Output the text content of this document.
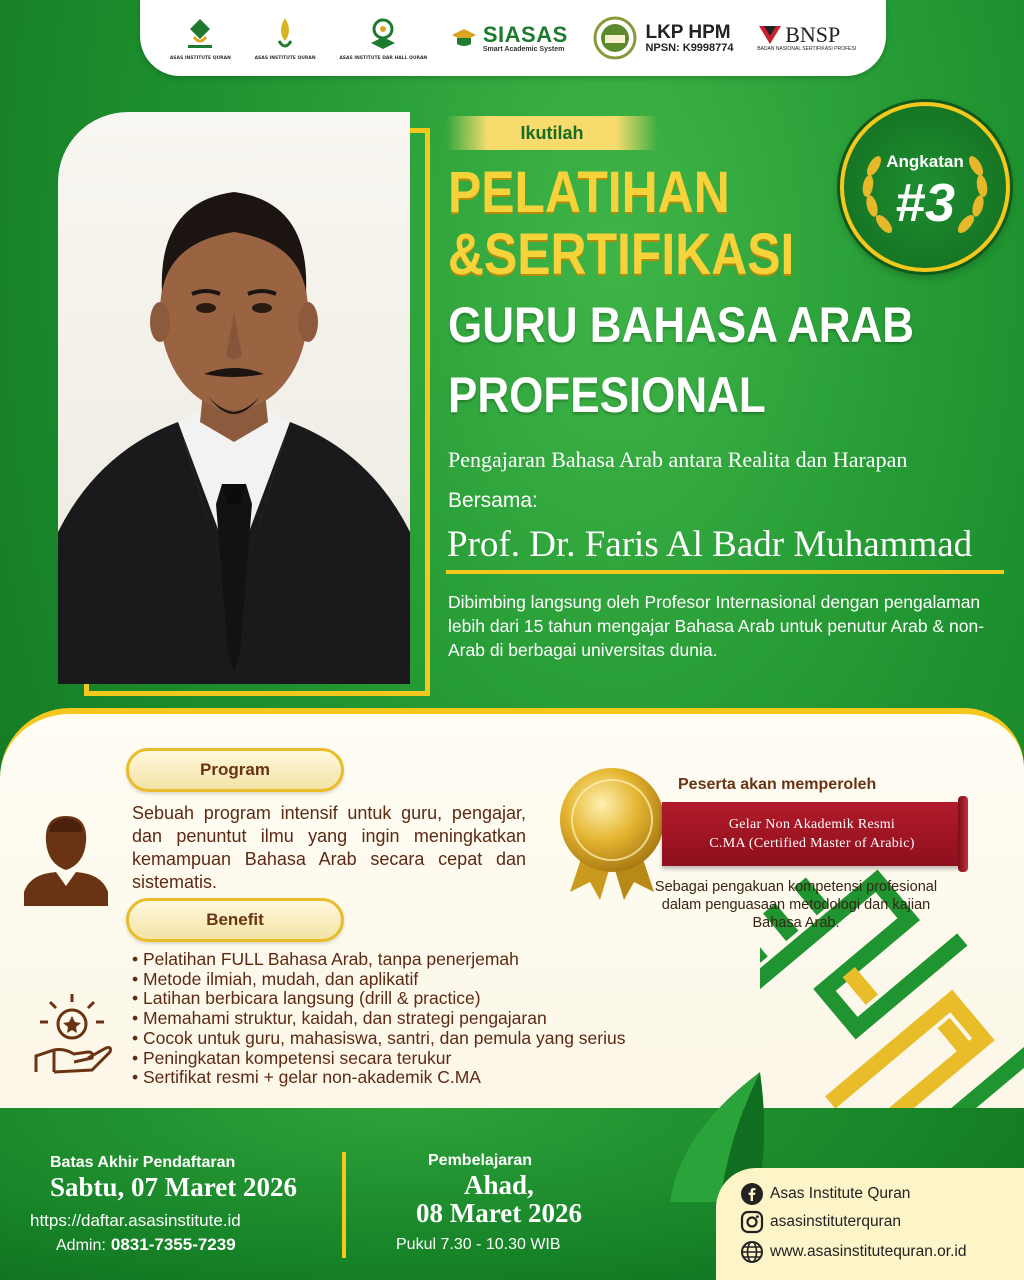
ASAS INSTITUTE QURAN	ASAS INSTITUTE QURAN	ASAS INSTITUTE DAR HALL QURAN
SIASAS
Smart Academic System
LKP HPM
NPSN: K9998774
BNSP
BADAN NASIONAL SERTIFIKASI PROFESI
Ikutilah
PELATIHAN
&SERTIFIKASI
GURU BAHASA ARAB
PROFESIONAL
Pengajaran Bahasa Arab antara Realita dan Harapan
Bersama:
Prof. Dr. Faris Al Badr Muhammad
Dibimbing langsung oleh Profesor Internasional dengan pengalaman lebih dari 15 tahun mengajar Bahasa Arab untuk penutur Arab & non-Arab di berbagai universitas dunia.
Angkatan
#3
Program
Sebuah program intensif untuk guru, pengajar, dan penuntut ilmu yang ingin meningkatkan kemampuan Bahasa Arab secara cepat dan sistematis.
Benefit
• Pelatihan FULL Bahasa Arab, tanpa penerjemah
• Metode ilmiah, mudah, dan aplikatif
• Latihan berbicara langsung (drill & practice)
• Memahami struktur, kaidah, dan strategi pengajaran
• Cocok untuk guru, mahasiswa, santri, dan pemula yang serius
• Peningkatan kompetensi secara terukur
• Sertifikat resmi + gelar non-akademik C.MA
Peserta akan memperoleh
Gelar Non Akademik Resmi
C.MA (Certified Master of Arabic)
Sebagai pengakuan kompetensi profesional dalam penguasaan metodologi dan kajian Bahasa Arab.
Batas Akhir Pendaftaran
Sabtu, 07 Maret 2026
https://daftar.asasinstitute.id
Admin: 0831-7355-7239
Pembelajaran
Ahad,
08 Maret 2026
Pukul 7.30 - 10.30 WIB
Asas Institute Quran
asasinstituterquran
www.asasinstitutequran.or.id
